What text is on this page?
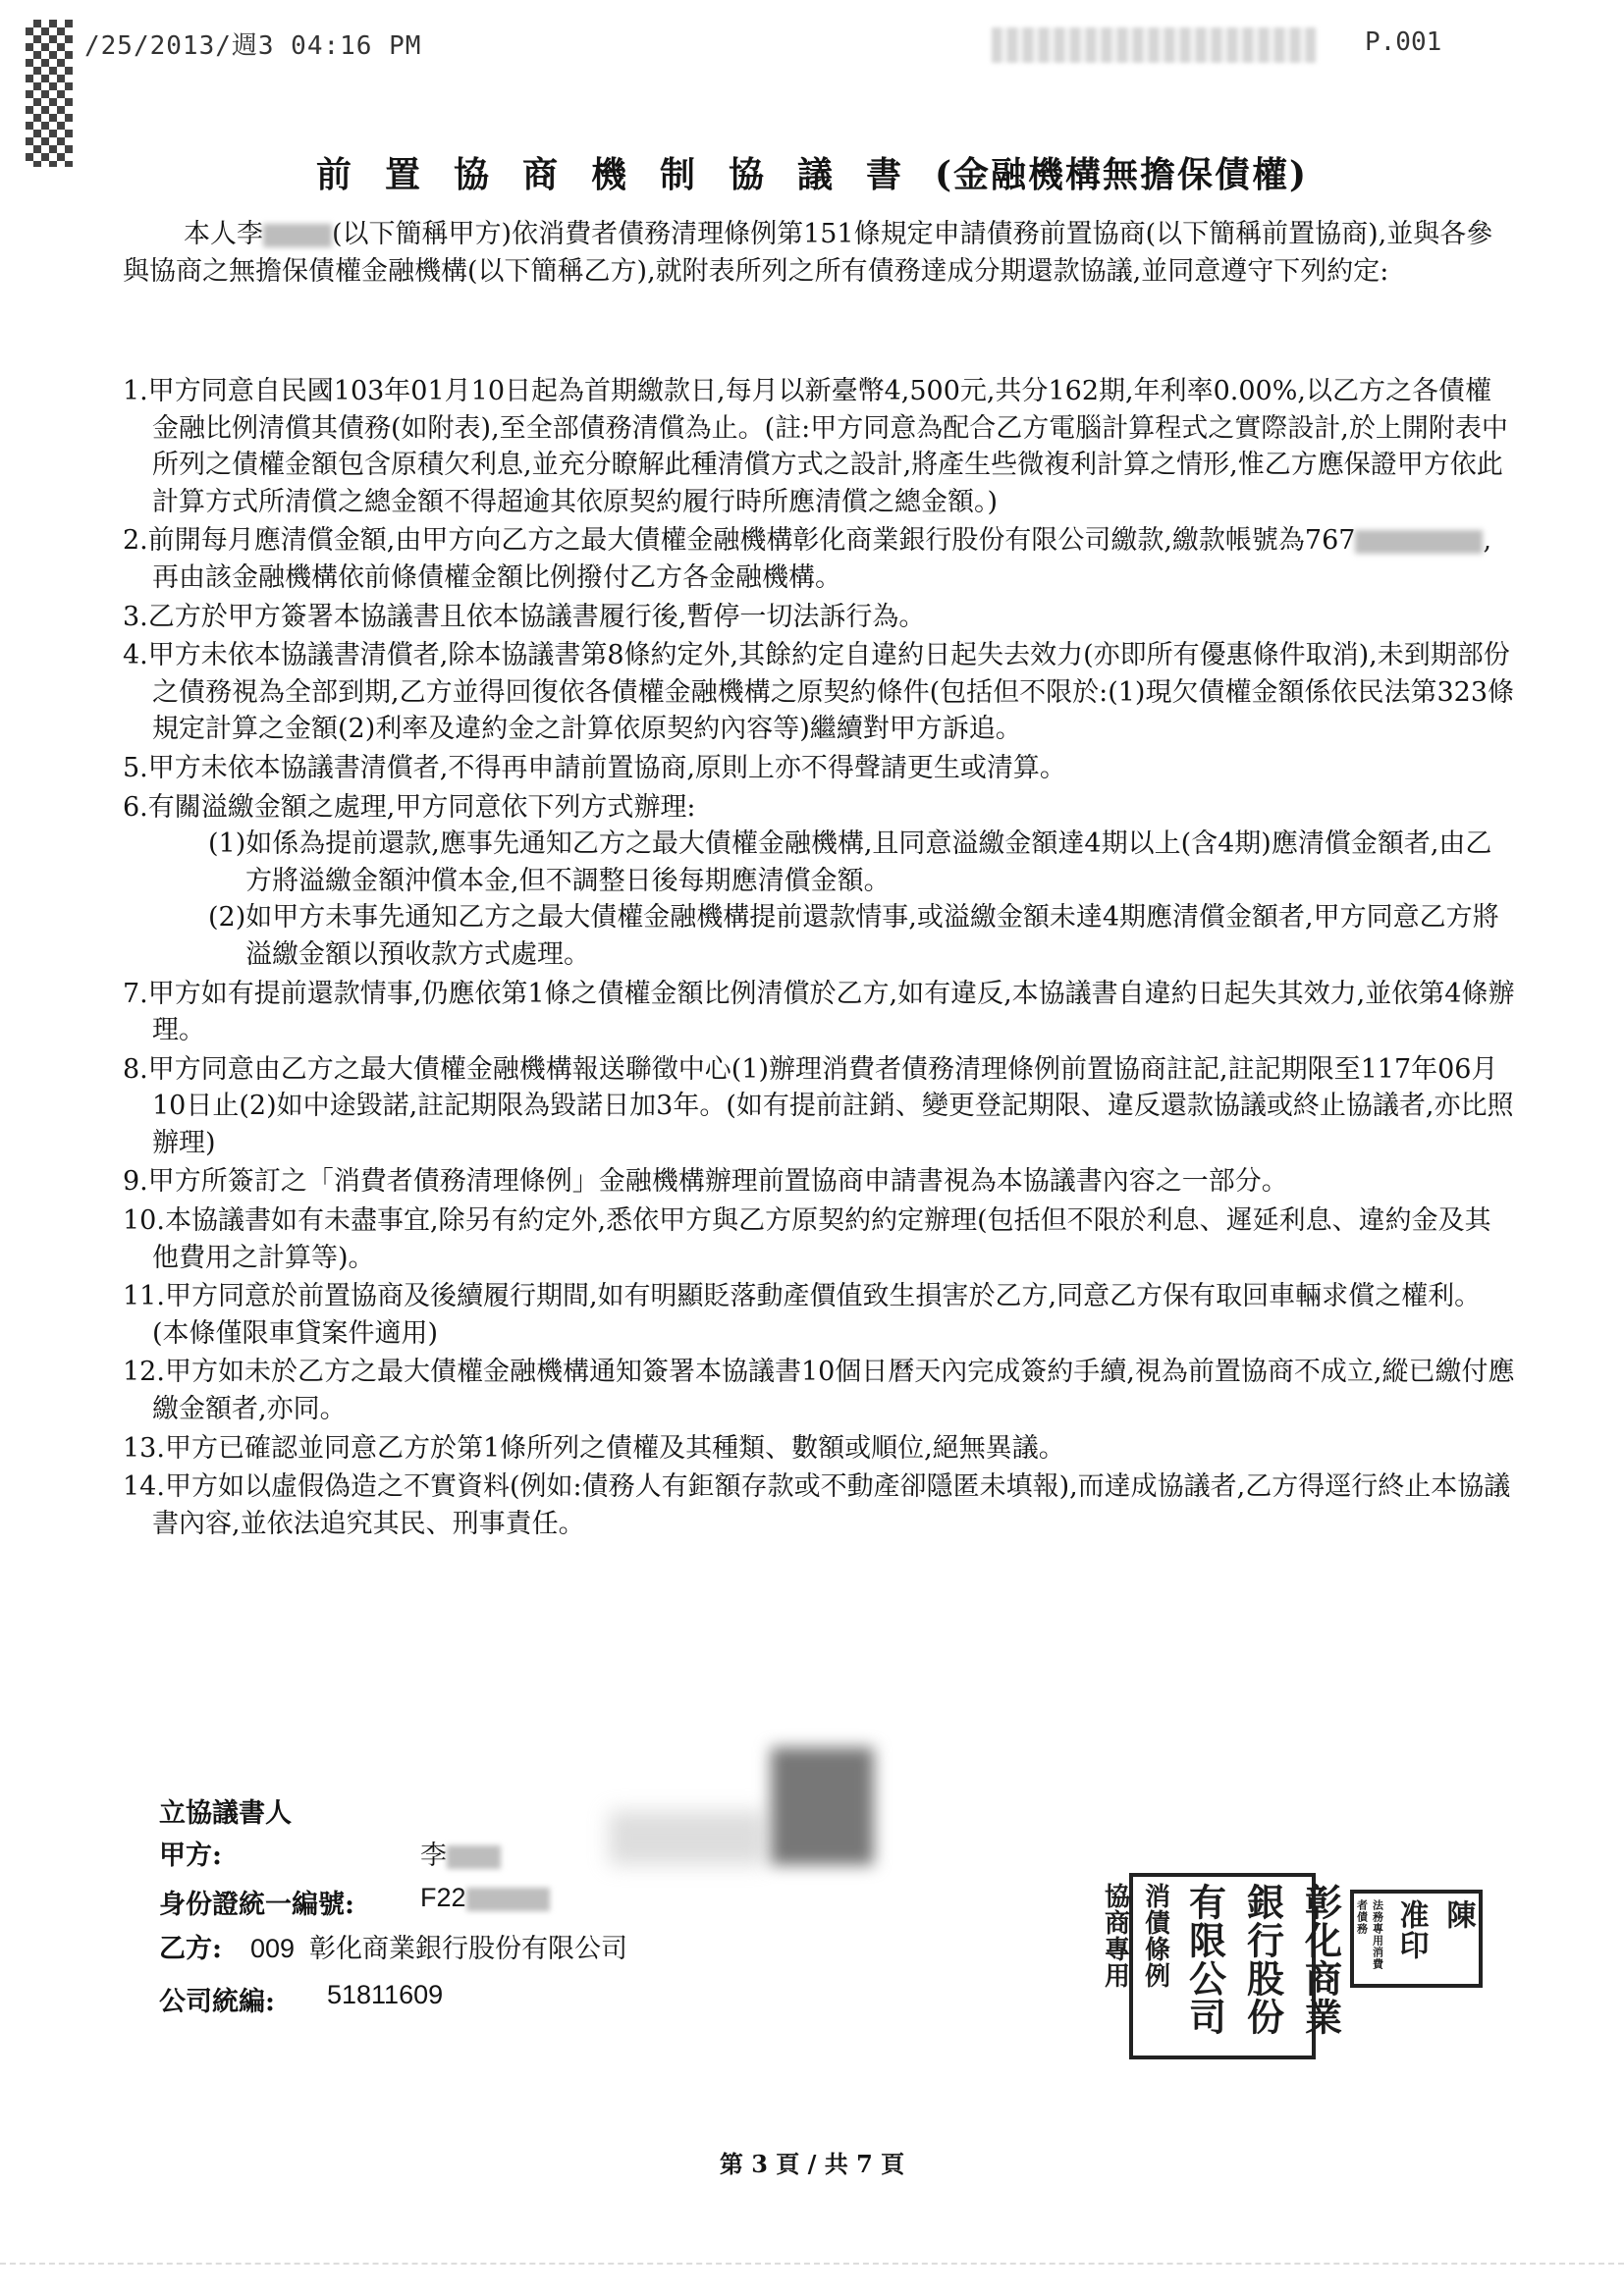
/25/2013/週3 04:16 PM	P.001
前置協商機制協議書(金融機構無擔保債權)
本人李	(以下簡稱甲方)依消費者債務清理條例第151條規定申請債務前置協商(以下簡稱前置協商),並與各參與協商之無擔保債權金融機構(以下簡稱乙方),就附表所列之所有債務達成分期還款協議,並同意遵守下列約定:
1.甲方同意自民國103年01月10日起為首期繳款日,每月以新臺幣4,500元,共分162期,年利率0.00%,以乙方之各債權金融比例清償其債務(如附表),至全部債務清償為止。(註:甲方同意為配合乙方電腦計算程式之實際設計,於上開附表中所列之債權金額包含原積欠利息,並充分瞭解此種清償方式之設計,將產生些微複利計算之情形,惟乙方應保證甲方依此計算方式所清償之總金額不得超逾其依原契約履行時所應清償之總金額。)
2.前開每月應清償金額,由甲方向乙方之最大債權金融機構彰化商業銀行股份有限公司繳款,繳款帳號為767	,再由該金融機構依前條債權金額比例撥付乙方各金融機構。
3.乙方於甲方簽署本協議書且依本協議書履行後,暫停一切法訴行為。
4.甲方未依本協議書清償者,除本協議書第8條約定外,其餘約定自違約日起失去效力(亦即所有優惠條件取消),未到期部份之債務視為全部到期,乙方並得回復依各債權金融機構之原契約條件(包括但不限於:(1)現欠債權金額係依民法第323條規定計算之金額(2)利率及違約金之計算依原契約內容等)繼續對甲方訴追。
5.甲方未依本協議書清償者,不得再申請前置協商,原則上亦不得聲請更生或清算。
6.有關溢繳金額之處理,甲方同意依下列方式辦理:
(1)如係為提前還款,應事先通知乙方之最大債權金融機構,且同意溢繳金額達4期以上(含4期)應清償金額者,由乙方將溢繳金額沖償本金,但不調整日後每期應清償金額。
(2)如甲方未事先通知乙方之最大債權金融機構提前還款情事,或溢繳金額未達4期應清償金額者,甲方同意乙方將溢繳金額以預收款方式處理。
7.甲方如有提前還款情事,仍應依第1條之債權金額比例清償於乙方,如有違反,本協議書自違約日起失其效力,並依第4條辦理。
8.甲方同意由乙方之最大債權金融機構報送聯徵中心(1)辦理消費者債務清理條例前置協商註記,註記期限至117年06月10日止(2)如中途毀諾,註記期限為毀諾日加3年。(如有提前註銷、變更登記期限、違反還款協議或終止協議者,亦比照辦理)
9.甲方所簽訂之「消費者債務清理條例」金融機構辦理前置協商申請書視為本協議書內容之一部分。
10.本協議書如有未盡事宜,除另有約定外,悉依甲方與乙方原契約約定辦理(包括但不限於利息、遲延利息、違約金及其他費用之計算等)。
11.甲方同意於前置協商及後續履行期間,如有明顯貶落動產價值致生損害於乙方,同意乙方保有取回車輛求償之權利。(本條僅限車貸案件適用)
12.甲方如未於乙方之最大債權金融機構通知簽署本協議書10個日曆天內完成簽約手續,視為前置協商不成立,縱已繳付應繳金額者,亦同。
13.甲方已確認並同意乙方於第1條所列之債權及其種類、數額或順位,絕無異議。
14.甲方如以虛假偽造之不實資料(例如:債務人有鉅額存款或不動產卻隱匿未填報),而達成協議者,乙方得逕行終止本協議書內容,並依法追究其民、刑事責任。
立協議書人
甲方:	李
身份證統一編號: F22
乙方: 009  彰化商業銀行股份有限公司
公司統編: 51811609	彰化商業
銀行股份
有限公司
消債條例
協商專用	陳
准印
法務專用消費者債務
第 3 頁 / 共 7 頁
